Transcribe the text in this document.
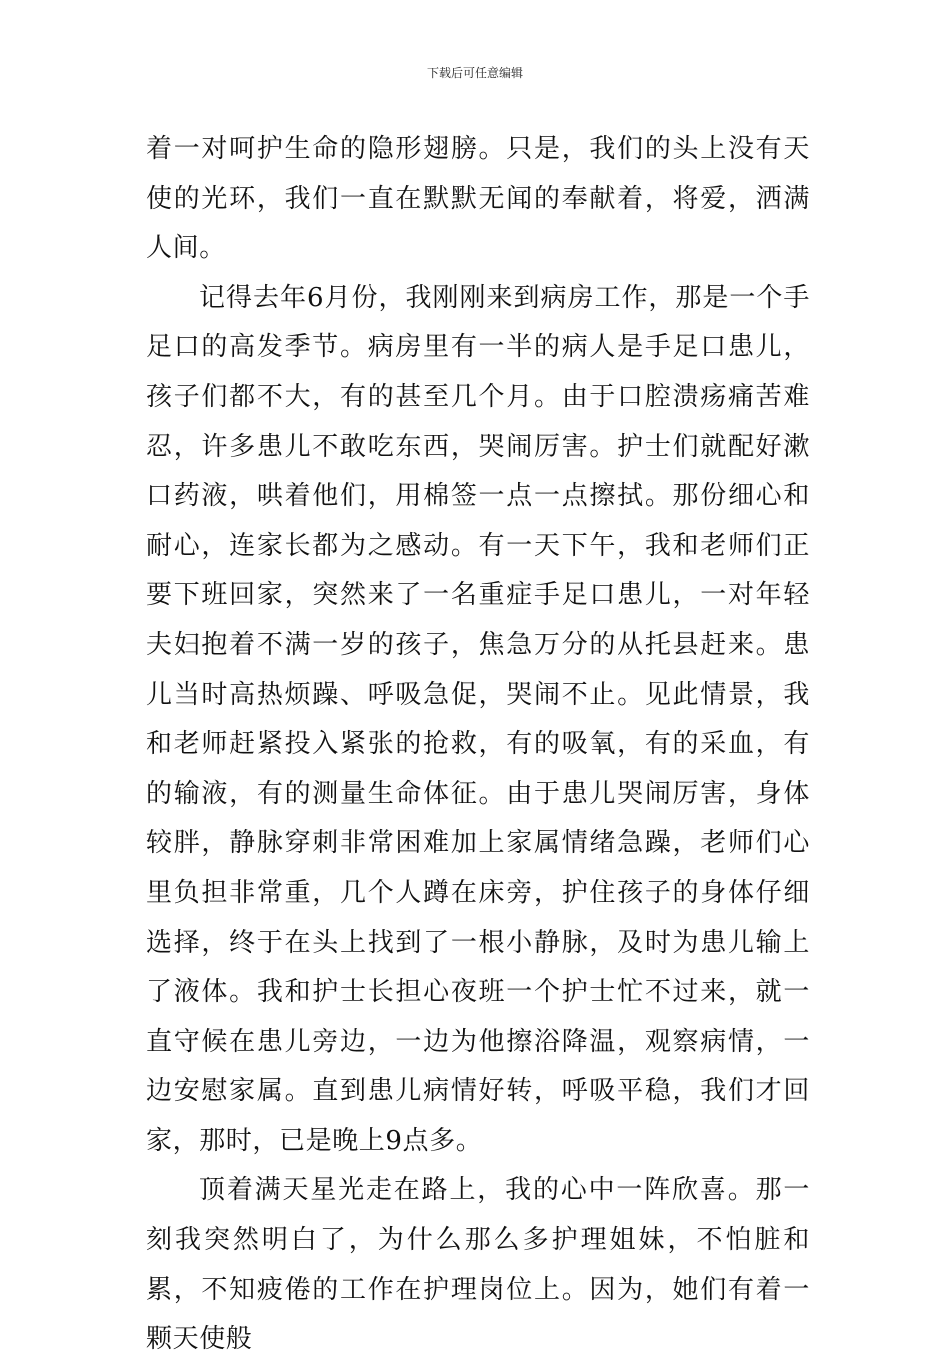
下载后可任意编辑

着一对呵护生命的隐形翅膀。只是，我们的头上没有天使的光环，我们一直在默默无闻的奉献着，将爱，洒满人间。

记得去年6月份，我刚刚来到病房工作，那是一个手足口的高发季节。病房里有一半的病人是手足口患儿，孩子们都不大，有的甚至几个月。由于口腔溃疡痛苦难忍，许多患儿不敢吃东西，哭闹厉害。护士们就配好漱口药液，哄着他们，用棉签一点一点擦拭。那份细心和耐心，连家长都为之感动。有一天下午，我和老师们正要下班回家，突然来了一名重症手足口患儿，一对年轻夫妇抱着不满一岁的孩子，焦急万分的从托县赶来。患儿当时高热烦躁、呼吸急促，哭闹不止。见此情景，我和老师赶紧投入紧张的抢救，有的吸氧，有的采血，有的输液，有的测量生命体征。由于患儿哭闹厉害，身体较胖，静脉穿刺非常困难加上家属情绪急躁，老师们心里负担非常重，几个人蹲在床旁，护住孩子的身体仔细选择，终于在头上找到了一根小静脉，及时为患儿输上了液体。我和护士长担心夜班一个护士忙不过来，就一直守候在患儿旁边，一边为他擦浴降温，观察病情，一边安慰家属。直到患儿病情好转，呼吸平稳，我们才回家，那时，已是晚上9点多。

顶着满天星光走在路上，我的心中一阵欣喜。那一刻我突然明白了，为什么那么多护理姐妹，不怕脏和累，不知疲倦的工作在护理岗位上。因为，她们有着一颗天使般
